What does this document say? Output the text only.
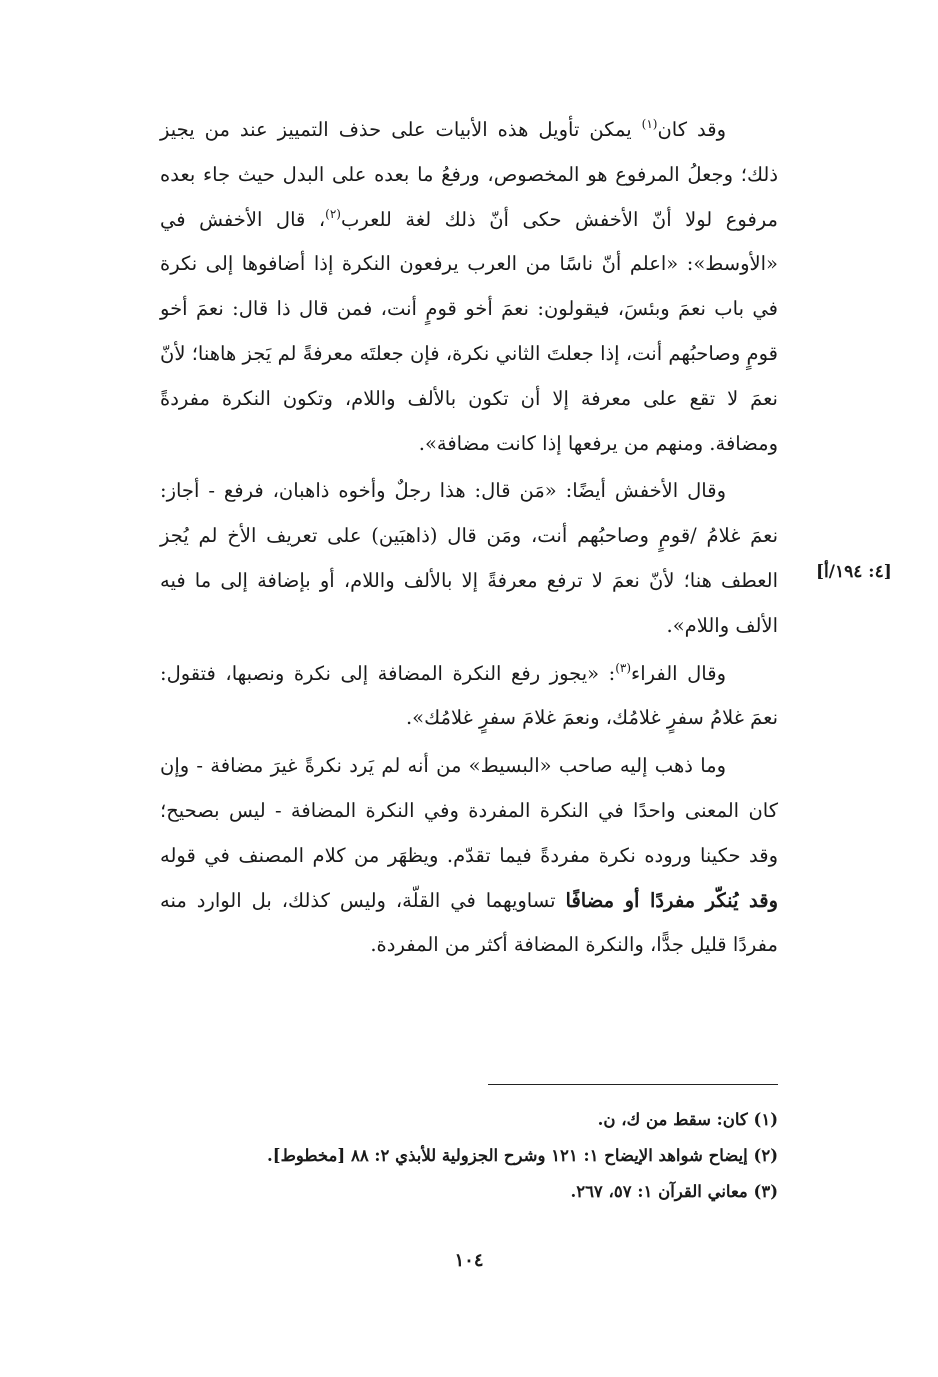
وقد كان$^{(١)}$ يمكن تأويل هذه الأبيات على حذف التمييز عند من يجيز ذلك؛ وجعلُ المرفوع هو المخصوص، ورفعُ ما بعده على البدل حيث جاء بعده مرفوع لولا أنّ الأخفش حكى أنّ ذلك لغة للعرب$^{(٢)}$، قال الأخفش في «الأوسط»: «اعلم أنّ ناسًا من العرب يرفعون النكرة إذا أضافوها إلى نكرة في باب نعمَ وبئسَ، فيقولون: نعمَ أخو قومٍ أنت، فمن قال ذا قال: نعمَ أخو قومٍ وصاحبُهم أنت، إذا جعلتَ الثاني نكرة، فإن جعلتَه معرفةً لم يَجز هاهنا؛ لأنّ نعمَ لا تقع على معرفة إلا أن تكون بالألف واللام، وتكون النكرة مفردةً ومضافة. ومنهم من يرفعها إذا كانت مضافة».

وقال الأخفش أيضًا: «مَن قال: هذا رجلٌ وأخوه ذاهبان، فرفع - أجاز: نعمَ غلامُ /قومٍ وصاحبُهم أنت، ومَن قال (ذاهبَين) على تعريف الأخ لم يُجز العطف هنا؛ لأنّ نعمَ لا ترفع معرفةً إلا بالألف واللام، أو بإضافة إلى ما فيه الألف واللام».

وقال الفراء$^{(٣)}$: «يجوز رفع النكرة المضافة إلى نكرة ونصبها، فتقول: نعمَ غلامُ سفرٍ غلامُك، ونعمَ غلامَ سفرٍ غلامُك».

وما ذهب إليه صاحب «البسيط» من أنه لم يَرد نكرةً غيرَ مضافة - وإن كان المعنى واحدًا في النكرة المفردة وفي النكرة المضافة - ليس بصحيح؛ وقد حكينا وروده نكرة مفردةً فيما تقدّم. ويظهَر من كلام المصنف في قوله وقد يُنكّر مفردًا أو مضافًا تساويهما في القلّة، وليس كذلك، بل الوارد منه مفردًا قليل جدًّا، والنكرة المضافة أكثر من المفردة.

[٤: ١٩٤/أ]

(١) كان: سقط من ك، ن.

(٢) إيضاح شواهد الإيضاح ١: ١٢١ وشرح الجزولية للأبذي ٢: ٨٨ [مخطوط].

(٣) معاني القرآن ١: ٥٧، ٢٦٧.

١٠٤
